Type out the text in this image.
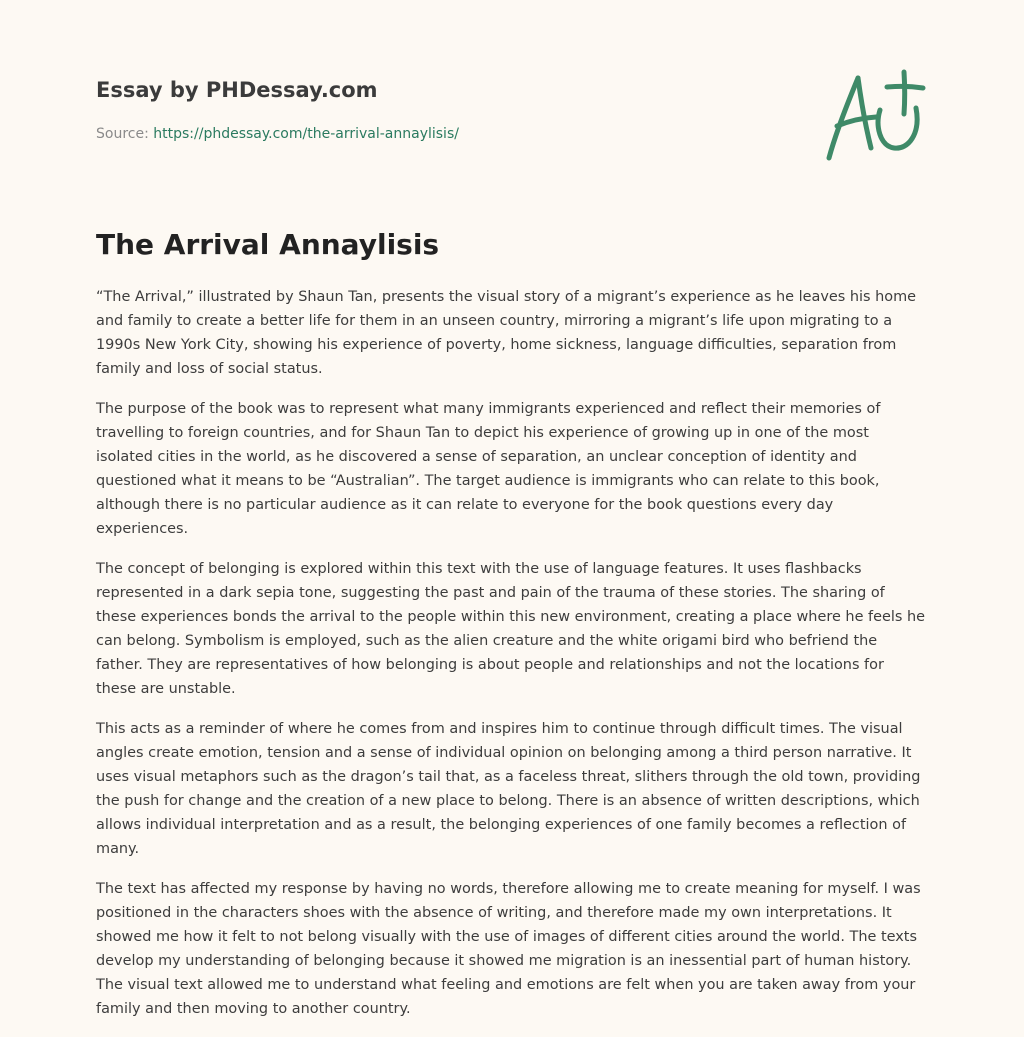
Essay by PHDessay.com
Source: https://phdessay.com/the-arrival-annaylisis/
The Arrival Annaylisis

“The Arrival,” illustrated by Shaun Tan, presents the visual story of a migrant’s experience as he leaves his home and family to create a better life for them in an unseen country, mirroring a migrant’s life upon migrating to a 1990s New York City, showing his experience of poverty, home sickness, language difficulties, separation from family and loss of social status.

The purpose of the book was to represent what many immigrants experienced and reflect their memories of travelling to foreign countries, and for Shaun Tan to depict his experience of growing up in one of the most isolated cities in the world, as he discovered a sense of separation, an unclear conception of identity and questioned what it means to be “Australian”. The target audience is immigrants who can relate to this book, although there is no particular audience as it can relate to everyone for the book questions every day experiences.

The concept of belonging is explored within this text with the use of language features. It uses flashbacks represented in a dark sepia tone, suggesting the past and pain of the trauma of these stories. The sharing of these experiences bonds the arrival to the people within this new environment, creating a place where he feels he can belong. Symbolism is employed, such as the alien creature and the white origami bird who befriend the father. They are representatives of how belonging is about people and relationships and not the locations for these are unstable.

This acts as a reminder of where he comes from and inspires him to continue through difficult times. The visual angles create emotion, tension and a sense of individual opinion on belonging among a third person narrative. It uses visual metaphors such as the dragon’s tail that, as a faceless threat, slithers through the old town, providing the push for change and the creation of a new place to belong. There is an absence of written descriptions, which allows individual interpretation and as a result, the belonging experiences of one family becomes a reflection of many.

The text has affected my response by having no words, therefore allowing me to create meaning for myself. I was positioned in the characters shoes with the absence of writing, and therefore made my own interpretations. It showed me how it felt to not belong visually with the use of images of different cities around the world. The texts develop my understanding of belonging because it showed me migration is an inessential part of human history. The visual text allowed me to understand what feeling and emotions are felt when you are taken away from your family and then moving to another country.
